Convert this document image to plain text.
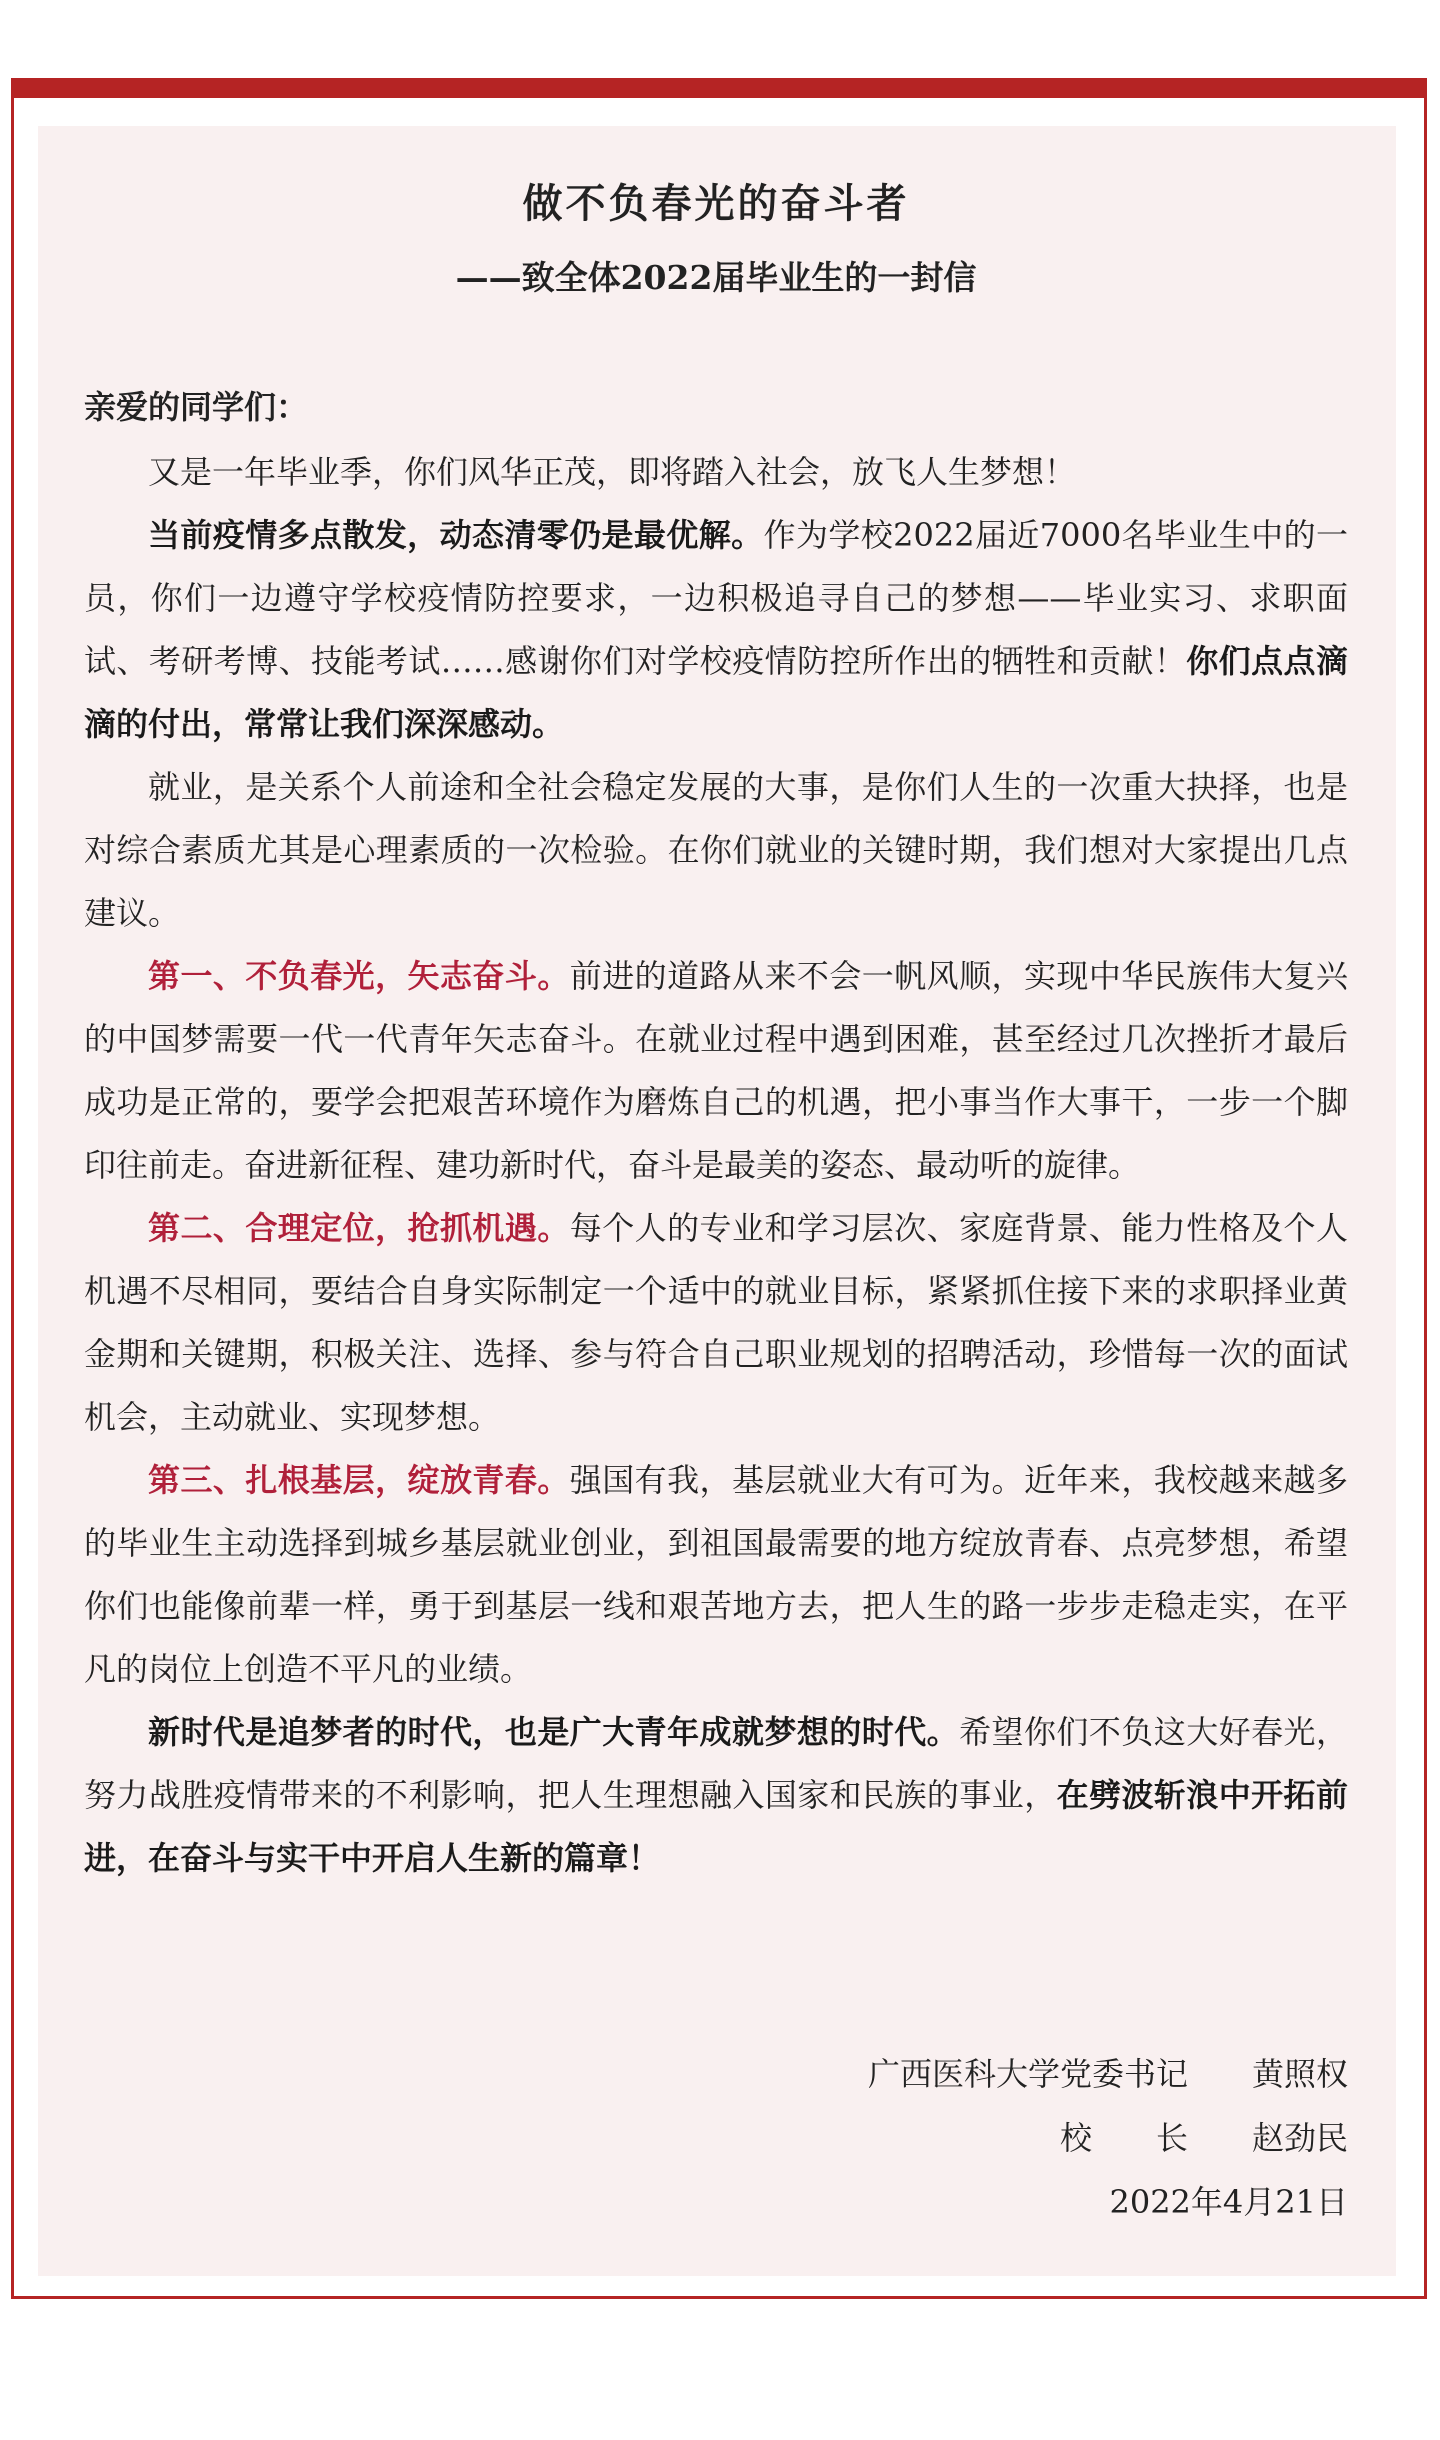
做不负春光的奋斗者
——致全体2022届毕业生的一封信

亲爱的同学们：

又是一年毕业季，你们风华正茂，即将踏入社会，放飞人生梦想！

当前疫情多点散发，动态清零仍是最优解。作为学校2022届近7000名毕业生中的一员，你们一边遵守学校疫情防控要求，一边积极追寻自己的梦想——毕业实习、求职面试、考研考博、技能考试……感谢你们对学校疫情防控所作出的牺牲和贡献！你们点点滴滴的付出，常常让我们深深感动。

就业，是关系个人前途和全社会稳定发展的大事，是你们人生的一次重大抉择，也是对综合素质尤其是心理素质的一次检验。在你们就业的关键时期，我们想对大家提出几点建议。

第一、不负春光，矢志奋斗。前进的道路从来不会一帆风顺，实现中华民族伟大复兴的中国梦需要一代一代青年矢志奋斗。在就业过程中遇到困难，甚至经过几次挫折才最后成功是正常的，要学会把艰苦环境作为磨炼自己的机遇，把小事当作大事干，一步一个脚印往前走。奋进新征程、建功新时代，奋斗是最美的姿态、最动听的旋律。

第二、合理定位，抢抓机遇。每个人的专业和学习层次、家庭背景、能力性格及个人机遇不尽相同，要结合自身实际制定一个适中的就业目标，紧紧抓住接下来的求职择业黄金期和关键期，积极关注、选择、参与符合自己职业规划的招聘活动，珍惜每一次的面试机会，主动就业、实现梦想。

第三、扎根基层，绽放青春。强国有我，基层就业大有可为。近年来，我校越来越多的毕业生主动选择到城乡基层就业创业，到祖国最需要的地方绽放青春、点亮梦想，希望你们也能像前辈一样，勇于到基层一线和艰苦地方去，把人生的路一步步走稳走实，在平凡的岗位上创造不平凡的业绩。

新时代是追梦者的时代，也是广大青年成就梦想的时代。希望你们不负这大好春光，努力战胜疫情带来的不利影响，把人生理想融入国家和民族的事业，在劈波斩浪中开拓前进，在奋斗与实干中开启人生新的篇章！

广西医科大学党委书记　　黄照权
校　　长　　赵劲民
2022年4月21日
